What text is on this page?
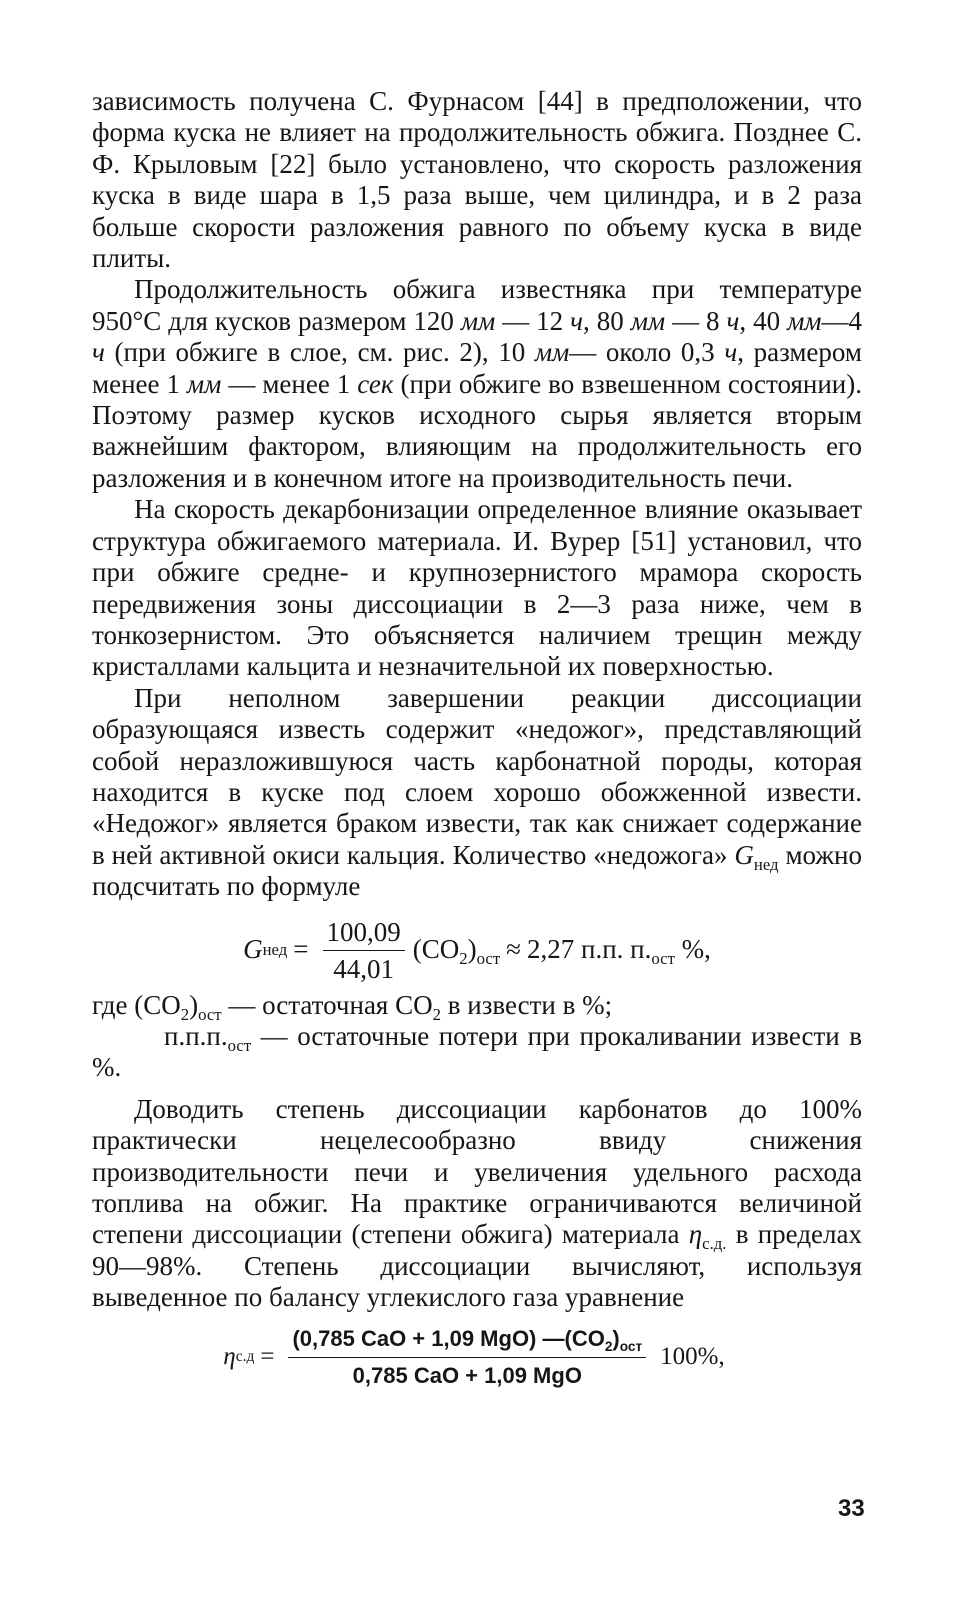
зависимость получена С. Фурнасом [44] в предположении, что форма куска не влияет на продолжительность обжига. Позднее С. Ф. Крыловым [22] было установлено, что скорость разложения куска в виде шара в 1,5 раза выше, чем цилиндра, и в 2 раза больше скорости разложения равного по объему куска в виде плиты.

Продолжительность обжига известняка при температуре 950°С для кусков размером 120 мм — 12 ч, 80 мм — 8 ч, 40 мм—4 ч (при обжиге в слое, см. рис. 2), 10 мм— около 0,3 ч, размером менее 1 мм — менее 1 сек (при обжиге во взвешенном состоянии). Поэтому размер кусков исходного сырья является вторым важнейшим фактором, влияющим на продолжительность его разложения и в конечном итоге на производительность печи.

На скорость декарбонизации определенное влияние оказывает структура обжигаемого материала. И. Вурер [51] установил, что при обжиге средне- и крупнозернистого мрамора скорость передвижения зоны диссоциации в 2—3 раза ниже, чем в тонкозернистом. Это объясняется наличием трещин между кристаллами кальцита и незначительной их поверхностью.

При неполном завершении реакции диссоциации образующаяся известь содержит «недожог», представляющий собой неразложившуюся часть карбонатной породы, которая находится в куске под слоем хорошо обожженной извести. «Недожог» является браком извести, так как снижает содержание в ней активной окиси кальция. Количество «недожога» $G_{нед}$ можно подсчитать по формуле

G нед = $\frac{100,09}{44,01} (CO_2)_{ост} \approx 2,27$ п.п. $п._{ост}$ %,

где $(CO_2)_{ост}$ — остаточная $CO_2$ в извести в %;

$п.п.п._{ост}$ — остаточные потери при прокаливании извести в %.

Доводить степень диссоциации карбонатов до 100% практически нецелесообразно ввиду снижения производительности печи и увеличения удельного расхода топлива на обжиг. На практике ограничиваются величиной степени диссоциации (степени обжига) материала $\eta_{с.д.}$ в пределах 90—98%. Степень диссоциации вычисляют, используя выведенное по балансу углекислого газа уравнение

η $с.д = \frac{(0,785 CaO + 1,09 MgO) —(CO_2)_{ост}}{\text{0,785 CaO + 1,09 MgO}} 100\%$,
33
